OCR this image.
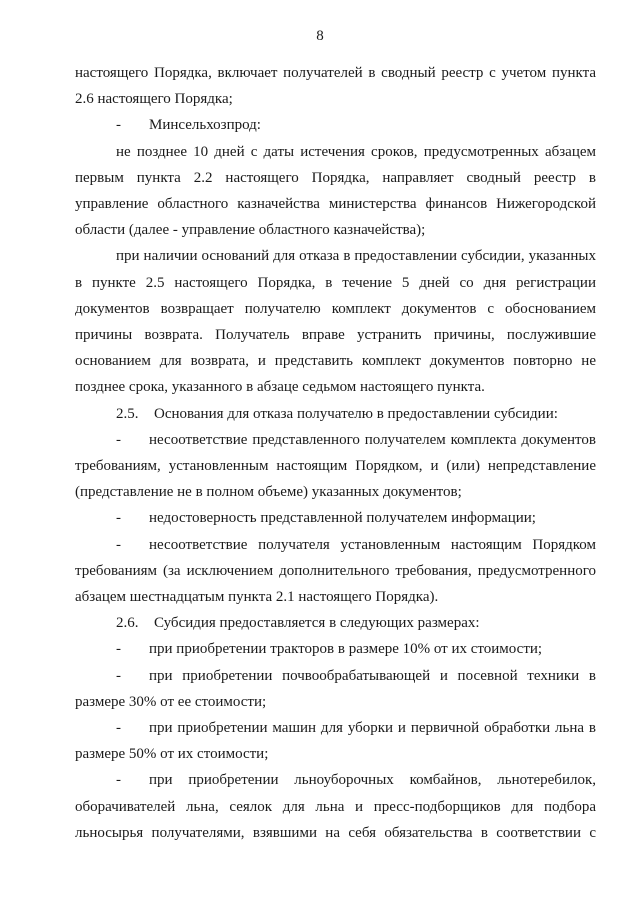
8

настоящего Порядка, включает получателей в сводный реестр с учетом пункта 2.6 настоящего Порядка;

- Минсельхозпрод:

не позднее 10 дней с даты истечения сроков, предусмотренных абзацем первым пункта 2.2 настоящего Порядка, направляет сводный реестр в управление областного казначейства министерства финансов Нижегородской области (далее - управление областного казначейства);

при наличии оснований для отказа в предоставлении субсидии, указанных в пункте 2.5 настоящего Порядка, в течение 5 дней со дня регистрации документов возвращает получателю комплект документов с обоснованием причины возврата. Получатель вправе устранить причины, послужившие основанием для возврата, и представить комплект документов повторно не позднее срока, указанного в абзаце седьмом настоящего пункта.

2.5. Основания для отказа получателю в предоставлении субсидии:

- несоответствие представленного получателем комплекта документов требованиям, установленным настоящим Порядком, и (или) непредставление (представление не в полном объеме) указанных документов;

- недостоверность представленной получателем информации;

- несоответствие получателя установленным настоящим Порядком требованиям (за исключением дополнительного требования, предусмотренного абзацем шестнадцатым пункта 2.1 настоящего Порядка).

2.6. Субсидия предоставляется в следующих размерах:

- при приобретении тракторов в размере 10% от их стоимости;

- при приобретении почвообрабатывающей и посевной техники в размере 30% от ее стоимости;

- при приобретении машин для уборки и первичной обработки льна в размере 50% от их стоимости;

- при приобретении льноуборочных комбайнов, льнотеребилок, оборачивателей льна, сеялок для льна и пресс-подборщиков для подбора льносырья получателями, взявшими на себя обязательства в соответствии с
